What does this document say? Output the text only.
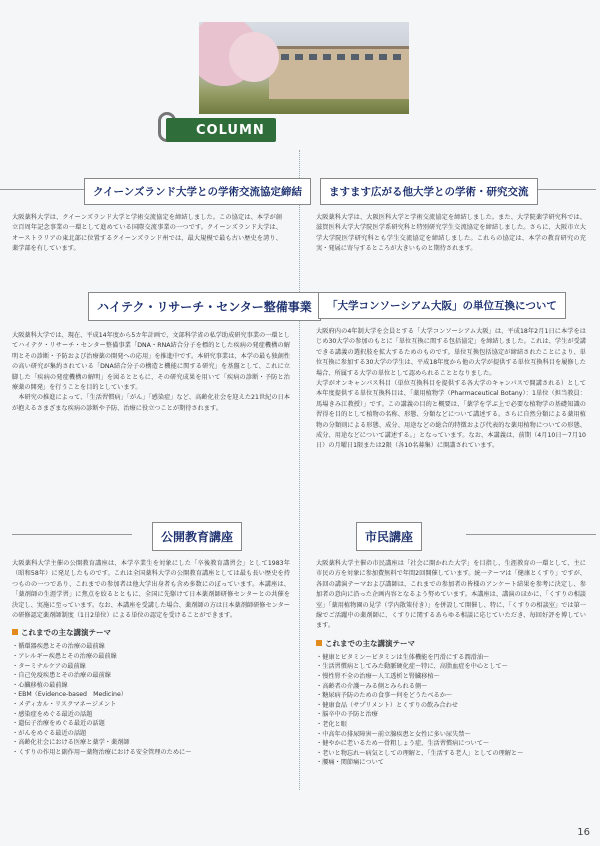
COLUMN
クイーンズランド大学との学術交流協定締結

大阪薬科大学は、クイーンズランド大学と学術交流協定を締結しました。この協定は、本学が創立百周年記念事業の一環として進めている国際交流事業の一つです。クイーンズランド大学は、オーストラリアの東北部に位置するクイーンズランド州では、最大規模で最も古い歴史を誇り、薬学部を有しています。

ますます広がる他大学との学術・研究交流

大阪薬科大学は、大阪医科大学と学術交流協定を締結しました。また、大学院薬学研究科では、滋賀医科大学大学院医学系研究科と特別研究学生交流協定を締結しました。さらに、大阪市立大学大学院医学研究科とも学生交流協定を締結しました。これらの協定は、本学の教育研究の充実・発展に寄与するところが大きいものと期待されます。

ハイテク・リサーチ・センター整備事業

大阪薬科大学では、現在、平成14年度から5カ年計画で、文部科学省の私学助成研究事業の一環としてハイテク・リサーチ・センター整備事業「DNA・RNA結合分子を標的とした疾病の発症機構の解明とその診断・予防および治療薬の開発への応用」を推進中です。本研究事業は、本学の最も独創性の高い研究が集約されている「DNA結合分子の構造と機能に関する研究」を基盤として、これに立脚した「疾病の発症機構の解明」を図るとともに、その研究成果を用いて「疾病の診断・予防と治療薬の開発」を行うことを目的としています。

本研究の推進によって、「生活習慣病」「がん」「感染症」など、高齢化社会を迎えた21世紀の日本が抱えるさまざまな疾病の診断や予防、治療に役立つことが期待されます。

「大学コンソーシアム大阪」の単位互換について

大阪府内の4年制大学を会員とする「大学コンソーシアム大阪」は、平成18年2月1日に本学をはじめ30大学の参加のもとに「単位互換に関する包括協定」を締結しました。これは、学生が受講できる講義の選択肢を拡大するためのものです。単位互換包括協定が締結されたことにより、単位互換に参加する30大学の学生は、平成18年度から他の大学が提供する単位互換科目を履修した場合、所属する大学の単位として認められることとなりました。

大学がオンキャンパス科目（単位互換科目を提供する各大学のキャンパスで開講される）として本年度提供する単位互換科目は、「薬用植物学（Pharmaceutical Botany）：1単位（担当教員：馬場きみ江教授）」です。この講義の目的と概要は、「薬学を学ぶ上で必要な植物学の基礎知識の習得を目的として植物の名称、形態、分類などについて講述する。さらに自然分類による薬用植物の分類則による形態、成分、用途などの総合的特徴および代表的な薬用植物についての形態、成分、用途などについて講述する。」となっています。なお、本講義は、前期（4月10日〜7月10日）の月曜日1限または2限（各10名募集）に開講されています。

公開教育講座

大阪薬科大学主催の公開教育講座は、本学卒業生を対象にした「卒後教育講習会」として1983年（昭和58年）に発足したものです。これは全国薬科大学の公開教育講座としては最も長い歴史を持つものの一つであり、これまでの参加者は他大学出身者も含め多数にのぼっています。本講座は、「薬剤師の生涯学習」に焦点を絞るとともに、全国に先駆けて日本薬剤師研修センターとの共催を決定し、実施に至っています。なお、本講座を受講した場合、薬剤師の方は日本薬剤師研修センターの研修認定薬剤師制度（1日2単位）による単位の認定を受けることができます。

これまでの主な講演テーマ
・ 循環器疾患とその治療の最前線
・ アレルギー疾患とその治療の最前線
・ ターミナルケアの最前線
・ 自己免疫疾患とその治療の最前線
・ 心臓移植の最前線
・ EBM（Evidence-based　Medicine）
・ メディカル・リスクマネージメント
・ 感染症をめぐる最近の話題
・ 遺伝子治療をめぐる最近の話題
・ がんをめぐる最近の話題
・ 高齢化社会における医療と薬学・薬剤師
・ くすりの作用と副作用〜薬物治療における安全管理のために〜
市民講座

大阪薬科大学主催の市民講座は「社会に開かれた大学」を目指し、生涯教育の一環として、主に市民の方を対象に参加費無料で年間2回開催しています。統一テーマは「健康とくすり」ですが、各回の講演テーマおよび講師は、これまでの参加者の皆様のアンケート結果を参考に決定し、参加者の意向に沿った企画内容となるよう努めています。本講座は、講演のほかに、「くすりの相談室」「薬用植物園の見学（学内散策付き）」を併設して開催し、特に、「くすりの相談室」では第一線でご活躍中の薬剤師に、くすりに関するあらゆる相談に応じていただき、毎回好評を博しています。

これまでの主な講演テーマ
・ 健康とビタミン〜ビタミンは生体機能を円滑にする潤滑油〜
・ 生活習慣病としてみた動脈硬化症〜特に、高脂血症を中心として〜
・ 慢性腎不全の治療〜人工透析と腎臓移植〜
・ 高齢者の介護〜みる側とみられる側〜
・ 糖尿病予防のための食事〜何をどうたべるか〜
・ 健康食品（サプリメント）とくすりの飲み合わせ
・ 脳卒中の予防と治療
・ 老化と眼
・ 中高年の排尿障害〜前立腺疾患と女性に多い尿失禁〜
・ 健やかに老いるため〜骨粗しょう症、生活習慣病について〜
・ 老いと物忘れ〜病気としての理解と、「生活する老人」としての理解と〜
・ 腰痛・関節痛について
16
